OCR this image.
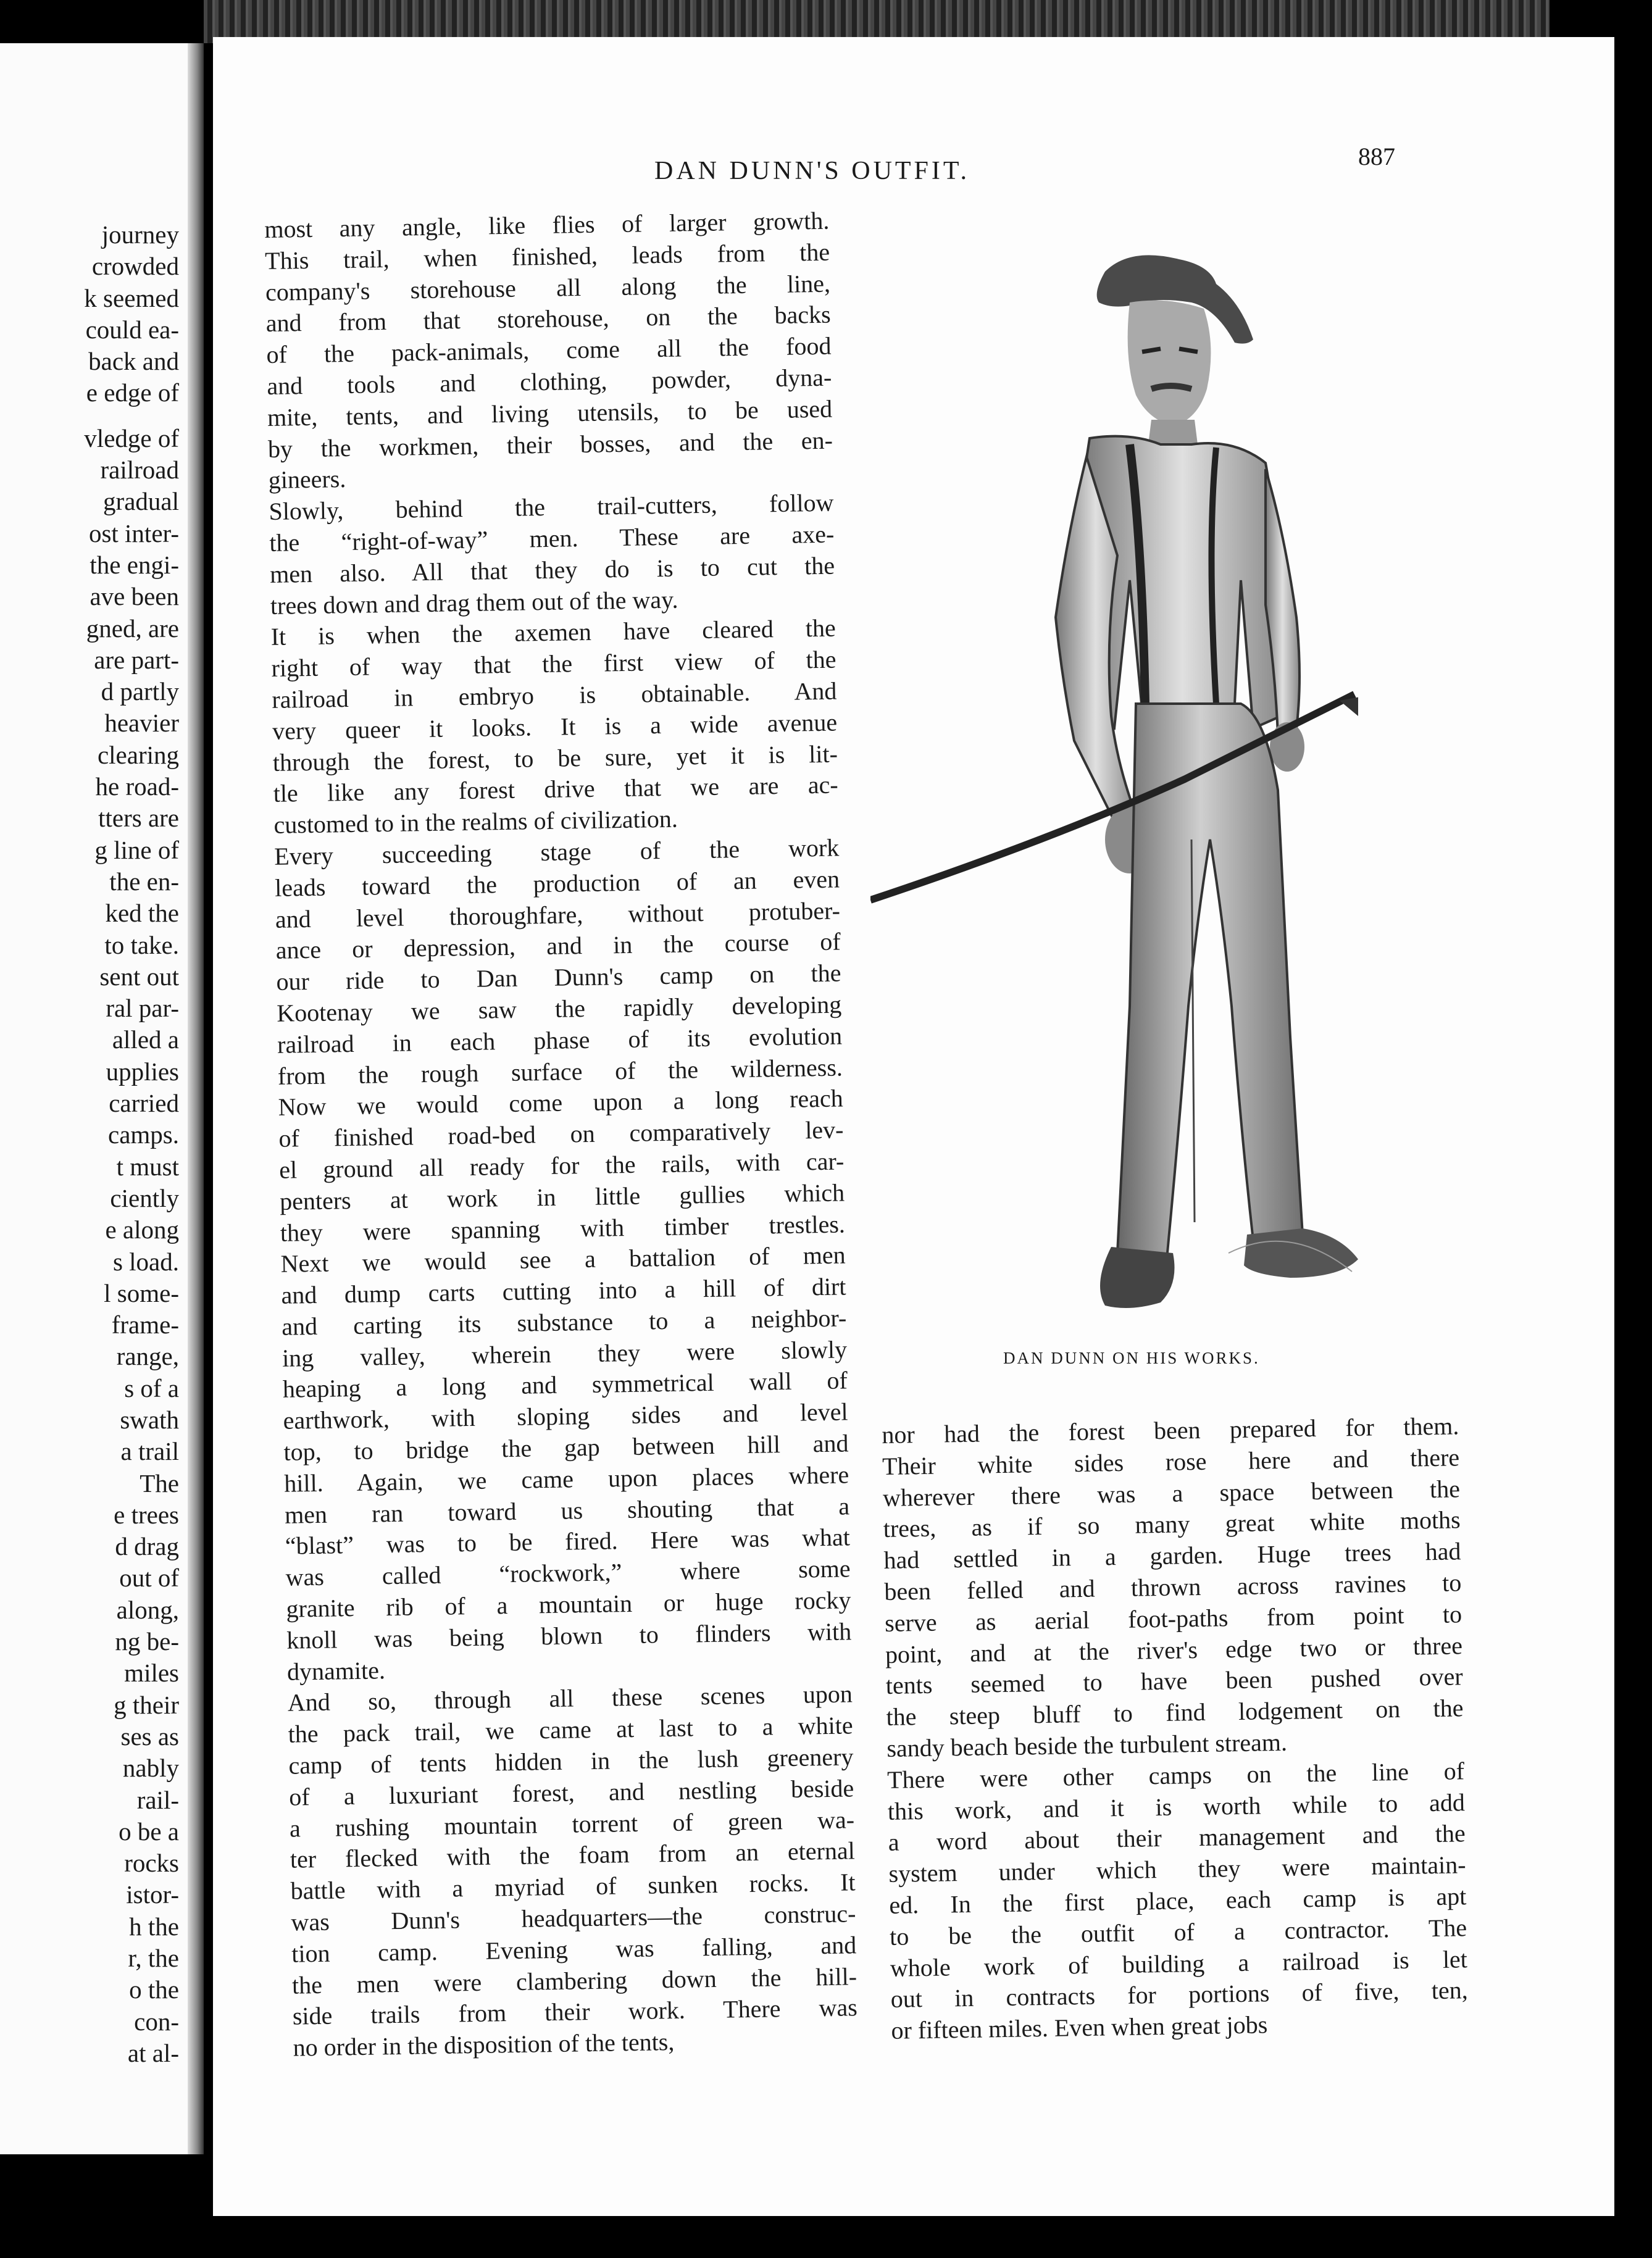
journey
crowded
k seemed
could ea-
back and
e edge of
vledge of
railroad
gradual
ost inter-
the engi-
ave been
gned, are
are part-
d partly
heavier
clearing
he road-
tters are
g line of
the en-
ked the
to take.
sent out
ral par-
alled a
upplies
carried
camps.
t must
ciently
e along
s load.
l some-
frame-
range,
s of a
swath
a trail
The
e trees
d drag
out of
along,
ng be-
miles
g their
ses as
nably
rail-
o be a
rocks
istor-
h the
r, the
o the
con-
at al-
DAN DUNN'S OUTFIT.
887
most any angle, like flies of larger growth.
This trail, when finished, leads from the
company's storehouse all along the line,
and from that storehouse, on the backs
of the pack-animals, come all the food
and tools and clothing, powder, dyna-
mite, tents, and living utensils, to be used
by the workmen, their bosses, and the en-
gineers.
Slowly, behind the trail-cutters, follow
the “right-of-way” men. These are axe-
men also. All that they do is to cut the
trees down and drag them out of the way.
It is when the axemen have cleared the
right of way that the first view of the
railroad in embryo is obtainable. And
very queer it looks. It is a wide avenue
through the forest, to be sure, yet it is lit-
tle like any forest drive that we are ac-
customed to in the realms of civilization.
Every succeeding stage of the work
leads toward the production of an even
and level thoroughfare, without protuber-
ance or depression, and in the course of
our ride to Dan Dunn's camp on the
Kootenay we saw the rapidly developing
railroad in each phase of its evolution
from the rough surface of the wilderness.
Now we would come upon a long reach
of finished road-bed on comparatively lev-
el ground all ready for the rails, with car-
penters at work in little gullies which
they were spanning with timber trestles.
Next we would see a battalion of men
and dump carts cutting into a hill of dirt
and carting its substance to a neighbor-
ing valley, wherein they were slowly
heaping a long and symmetrical wall of
earthwork, with sloping sides and level
top, to bridge the gap between hill and
hill. Again, we came upon places where
men ran toward us shouting that a
“blast” was to be fired. Here was what
was called “rockwork,” where some
granite rib of a mountain or huge rocky
knoll was being blown to flinders with
dynamite.
And so, through all these scenes upon
the pack trail, we came at last to a white
camp of tents hidden in the lush greenery
of a luxuriant forest, and nestling beside
a rushing mountain torrent of green wa-
ter flecked with the foam from an eternal
battle with a myriad of sunken rocks. It
was Dunn's headquarters—the construc-
tion camp. Evening was falling, and
the men were clambering down the hill-
side trails from their work. There was
no order in the disposition of the tents,
DAN DUNN ON HIS WORKS.
nor had the forest been prepared for them.
Their white sides rose here and there
wherever there was a space between the
trees, as if so many great white moths
had settled in a garden. Huge trees had
been felled and thrown across ravines to
serve as aerial foot-paths from point to
point, and at the river's edge two or three
tents seemed to have been pushed over
the steep bluff to find lodgement on the
sandy beach beside the turbulent stream.
There were other camps on the line of
this work, and it is worth while to add
a word about their management and the
system under which they were maintain-
ed. In the first place, each camp is apt
to be the outfit of a contractor. The
whole work of building a railroad is let
out in contracts for portions of five, ten,
or fifteen miles. Even when great jobs
